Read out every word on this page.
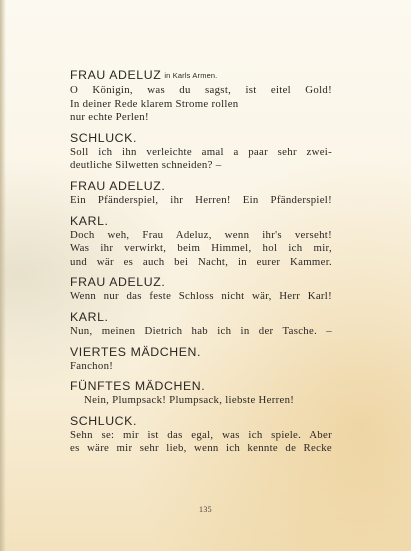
FRAU ADELUZ in Karls Armen.
O Königin, was du sagst, ist eitel Gold!
In deiner Rede klarem Strome rollen
nur echte Perlen!
SCHLUCK.
Soll ich ihn verleichte amal a paar sehr zwei-
deutliche Silwetten schneiden? –
FRAU ADELUZ.
Ein Pfänderspiel, ihr Herren! Ein Pfänderspiel!
KARL.
Doch weh, Frau Adeluz, wenn ihr's verseht!
Was ihr verwirkt, beim Himmel, hol ich mir,
und wär es auch bei Nacht, in eurer Kammer.
FRAU ADELUZ.
Wenn nur das feste Schloss nicht wär, Herr Karl!
KARL.
Nun, meinen Dietrich hab ich in der Tasche. –
VIERTES MÄDCHEN.
Fanchon!
FÜNFTES MÄDCHEN.
Nein, Plumpsack! Plumpsack, liebste Herren!
SCHLUCK.
Sehn se: mir ist das egal, was ich spiele. Aber
es wäre mir sehr lieb, wenn ich kennte de Recke
135
